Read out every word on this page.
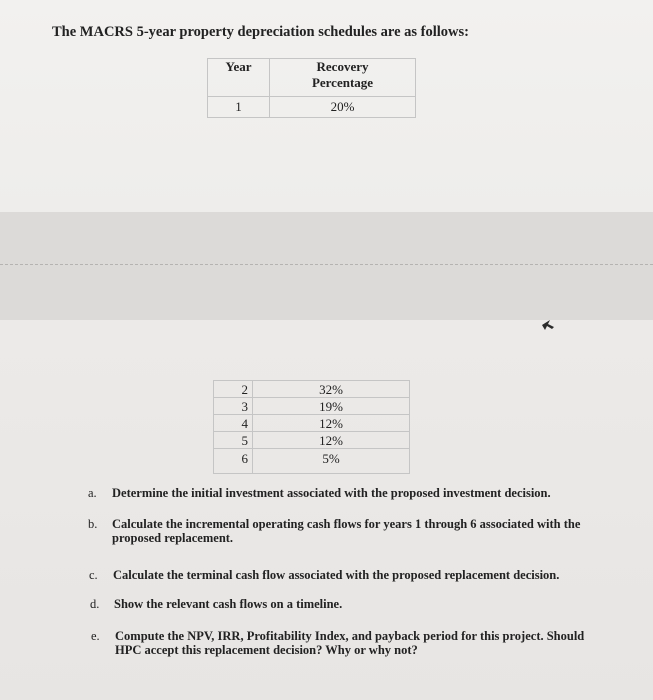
The MACRS 5-year property depreciation schedules are as follows:
Year	Recovery
Percentage
1	20%
2	32%
3	19%
4	12%
5	12%
6	5%
a. Determine the initial investment associated with the proposed investment decision.
b. Calculate the incremental operating cash flows for years 1 through 6 associated with the
proposed replacement.
c. Calculate the terminal cash flow associated with the proposed replacement decision.
d. Show the relevant cash flows on a timeline.
e. Compute the NPV, IRR, Profitability Index, and payback period for this project. Should
HPC accept this replacement decision? Why or why not?
